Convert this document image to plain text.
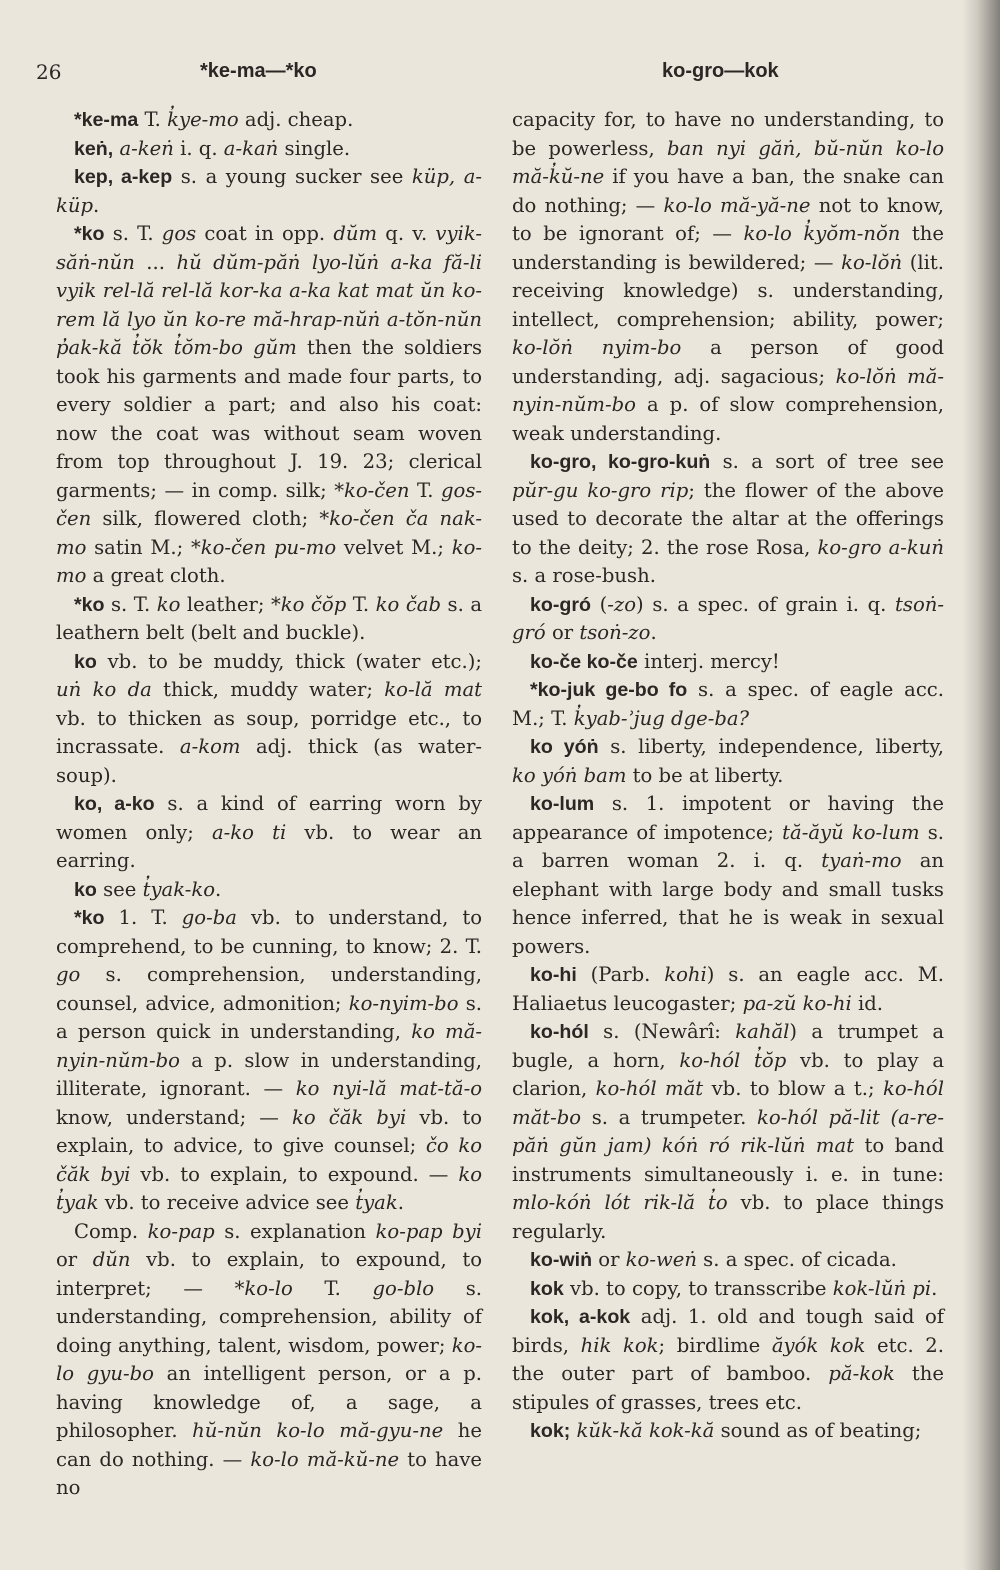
26	*ke-ma—*ko	ko-gro—kok

*ke-ma T. k̓ye-mo adj. cheap.

keṅ, a-keṅ i. q. a-kaṅ single.

kep, a-kep s. a young sucker see küp, a-küp.

*ko s. T. gos coat in opp. dŭm q. v. vyik-săṅ-nŭn ... hŭ dŭm-păṅ lyo-lŭṅ a-ka fă-li vyik rel-lă rel-lă kor-ka a-ka kat mat ŭn ko-rem lă lyo ŭn ko-re mă-hrap-nŭṅ a-tŏn-nŭn p̓ak-kă t̓ŏk t̓ŏm-bo gŭm then the soldiers took his garments and made four parts, to every soldier a part; and also his coat: now the coat was without seam woven from top throughout J. 19. 23; clerical garments; — in comp. silk; *ko-čen T. gos-čen silk, flowered cloth; *ko-čen ča nak-mo satin M.; *ko-čen pu-mo velvet M.; ko-mo a great cloth.

*ko s. T. ko leather; *ko čŏp T. ko čab s. a leathern belt (belt and buckle).

ko vb. to be muddy, thick (water etc.); uṅ ko da thick, muddy water; ko-lă mat vb. to thicken as soup, porridge etc., to incrassate. a-kom adj. thick (as water-soup).

ko, a-ko s. a kind of earring worn by women only; a-ko ti vb. to wear an earring.

ko see t̓yak-ko.

*ko 1. T. go-ba vb. to understand, to comprehend, to be cunning, to know; 2. T. go s. comprehension, understanding, counsel, advice, admonition; ko-nyim-bo s. a person quick in understanding, ko mă-nyin-nŭm-bo a p. slow in understanding, illiterate, ignorant. — ko nyi-lă mat-tă-o know, understand; — ko čăk byi vb. to explain, to advice, to give counsel; čo ko čăk byi vb. to explain, to expound. — ko t̓yak vb. to receive advice see t̓yak.

Comp. ko-pap s. explanation ko-pap byi or dŭn vb. to explain, to expound, to interpret; — *ko-lo T. go-blo s. understanding, comprehension, ability of doing anything, talent, wisdom, power; ko-lo gyu-bo an intelligent person, or a p. having knowledge of, a sage, a philosopher. hŭ-nŭn ko-lo mă-gyu-ne he can do nothing. — ko-lo mă-kŭ-ne to have no

capacity for, to have no understanding, to be powerless, ban nyi găṅ, bŭ-nŭn ko-lo mă-k̓ŭ-ne if you have a ban, the snake can do nothing; — ko-lo mă-yă-ne not to know, to be ignorant of; — ko-lo k̓yŏm-nŏn the understanding is bewildered; — ko-lŏṅ (lit. receiving knowledge) s. understanding, intellect, comprehension; ability, power; ko-lŏṅ nyim-bo a person of good understanding, adj. sagacious; ko-lŏṅ mă-nyin-nŭm-bo a p. of slow comprehension, weak understanding.

ko-gro, ko-gro-kuṅ s. a sort of tree see pŭr-gu ko-gro rip; the flower of the above used to decorate the altar at the offerings to the deity; 2. the rose Rosa, ko-gro a-kuṅ s. a rose-bush.

ko-gró (-zo) s. a spec. of grain i. q. tsoṅ-gró or tsoṅ-zo.

ko-če ko-če interj. mercy!

*ko-juk ge-bo fo s. a spec. of eagle acc. M.; T. k̓yab-ʾjug dge-ba?

ko yóṅ s. liberty, independence, liberty, ko yóṅ bam to be at liberty.

ko-lum s. 1. impotent or having the appearance of impotence; tă-ăyŭ ko-lum s. a barren woman 2. i. q. tyaṅ-mo an elephant with large body and small tusks hence inferred, that he is weak in sexual powers.

ko-hi (Parb. kohi) s. an eagle acc. M. Haliaetus leucogaster; pa-zŭ ko-hi id.

ko-hól s. (Newârî: kahăl) a trumpet a bugle, a horn, ko-hól t̓ŏp vb. to play a clarion, ko-hól măt vb. to blow a t.; ko-hól măt-bo s. a trumpeter. ko-hól pă-lit (a-re-păṅ gŭn jam) kóṅ ró rik-lŭṅ mat to band instruments simultaneously i. e. in tune: mlo-kóṅ lót rik-lă t̓o vb. to place things regularly.

ko-wiṅ or ko-weṅ s. a spec. of cicada.

kok vb. to copy, to transscribe kok-lŭṅ pi.

kok, a-kok adj. 1. old and tough said of birds, hik kok; birdlime ăyók kok etc. 2. the outer part of bamboo. pă-kok the stipules of grasses, trees etc.

kok; kŭk-kă kok-kă sound as of beating;
